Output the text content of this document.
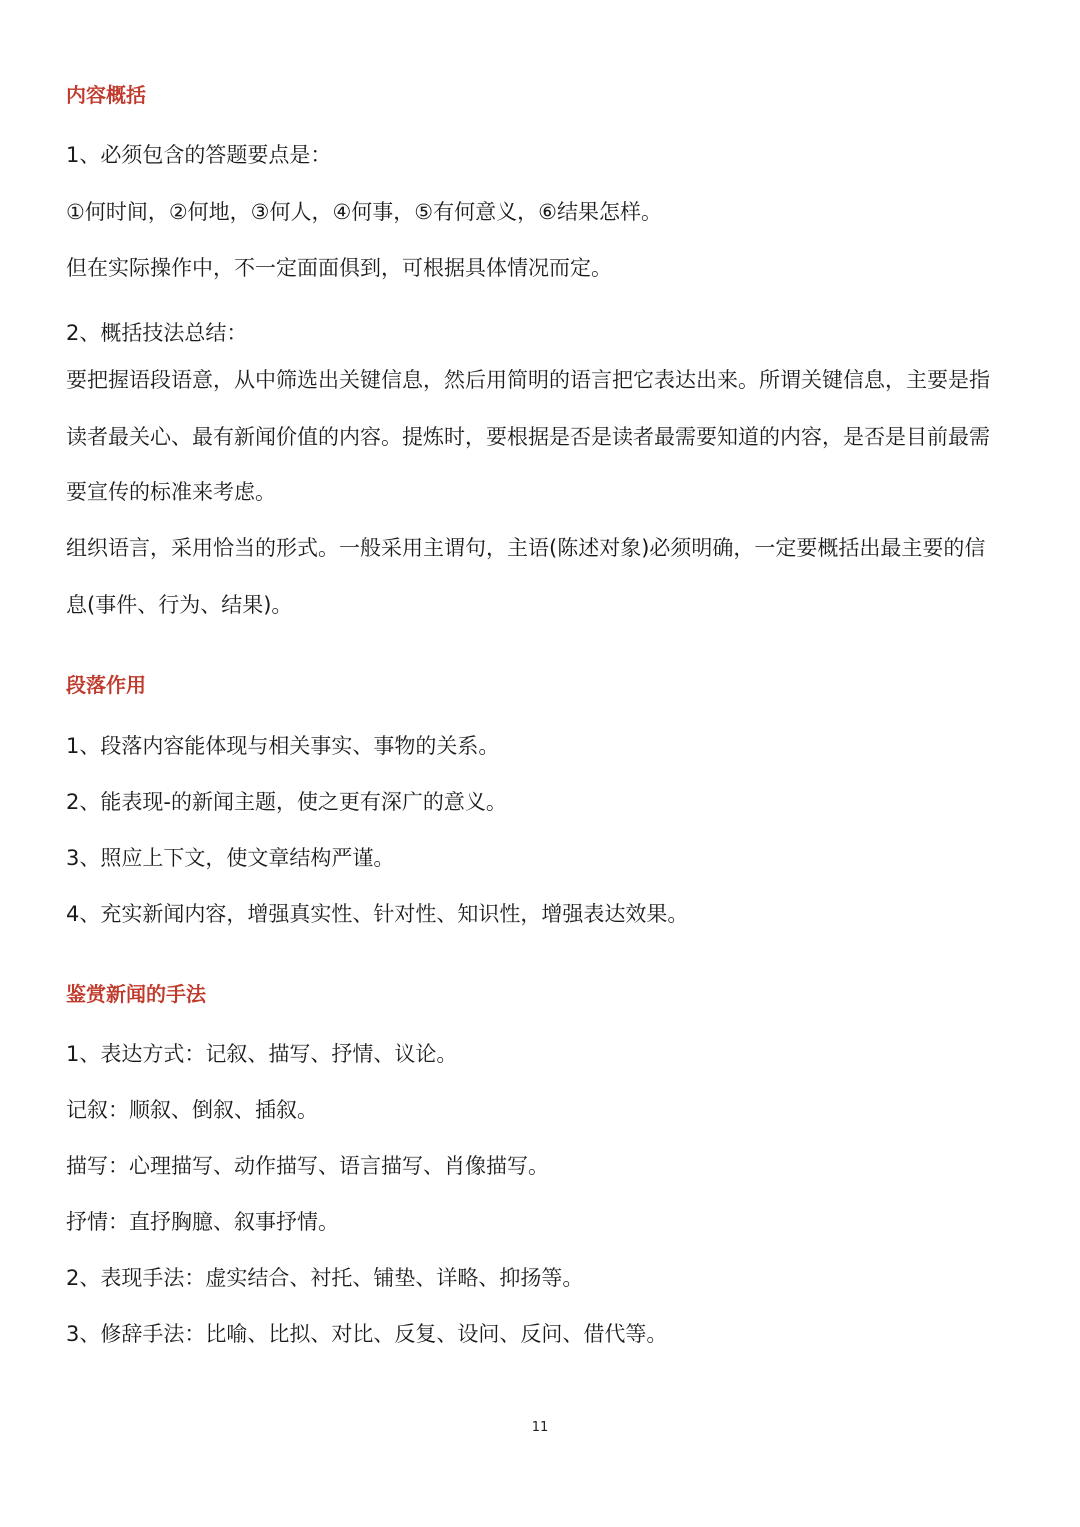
内容概括

1、必须包含的答题要点是：

①何时间，②何地，③何人，④何事，⑤有何意义，⑥结果怎样。

但在实际操作中，不一定面面俱到，可根据具体情况而定。

2、概括技法总结：

要把握语段语意，从中筛选出关键信息，然后用简明的语言把它表达出来。所谓关键信息，主要是指

读者最关心、最有新闻价值的内容。提炼时，要根据是否是读者最需要知道的内容，是否是目前最需

要宣传的标准来考虑。

组织语言，采用恰当的形式。一般采用主谓句，主语(陈述对象)必须明确，一定要概括出最主要的信

息(事件、行为、结果)。

段落作用

1、段落内容能体现与相关事实、事物的关系。

2、能表现-的新闻主题，使之更有深广的意义。

3、照应上下文，使文章结构严谨。

4、充实新闻内容，增强真实性、针对性、知识性，增强表达效果。

鉴赏新闻的手法

1、表达方式：记叙、描写、抒情、议论。

记叙：顺叙、倒叙、插叙。

描写：心理描写、动作描写、语言描写、肖像描写。

抒情：直抒胸臆、叙事抒情。

2、表现手法：虚实结合、衬托、铺垫、详略、抑扬等。

3、修辞手法：比喻、比拟、对比、反复、设问、反问、借代等。

11
